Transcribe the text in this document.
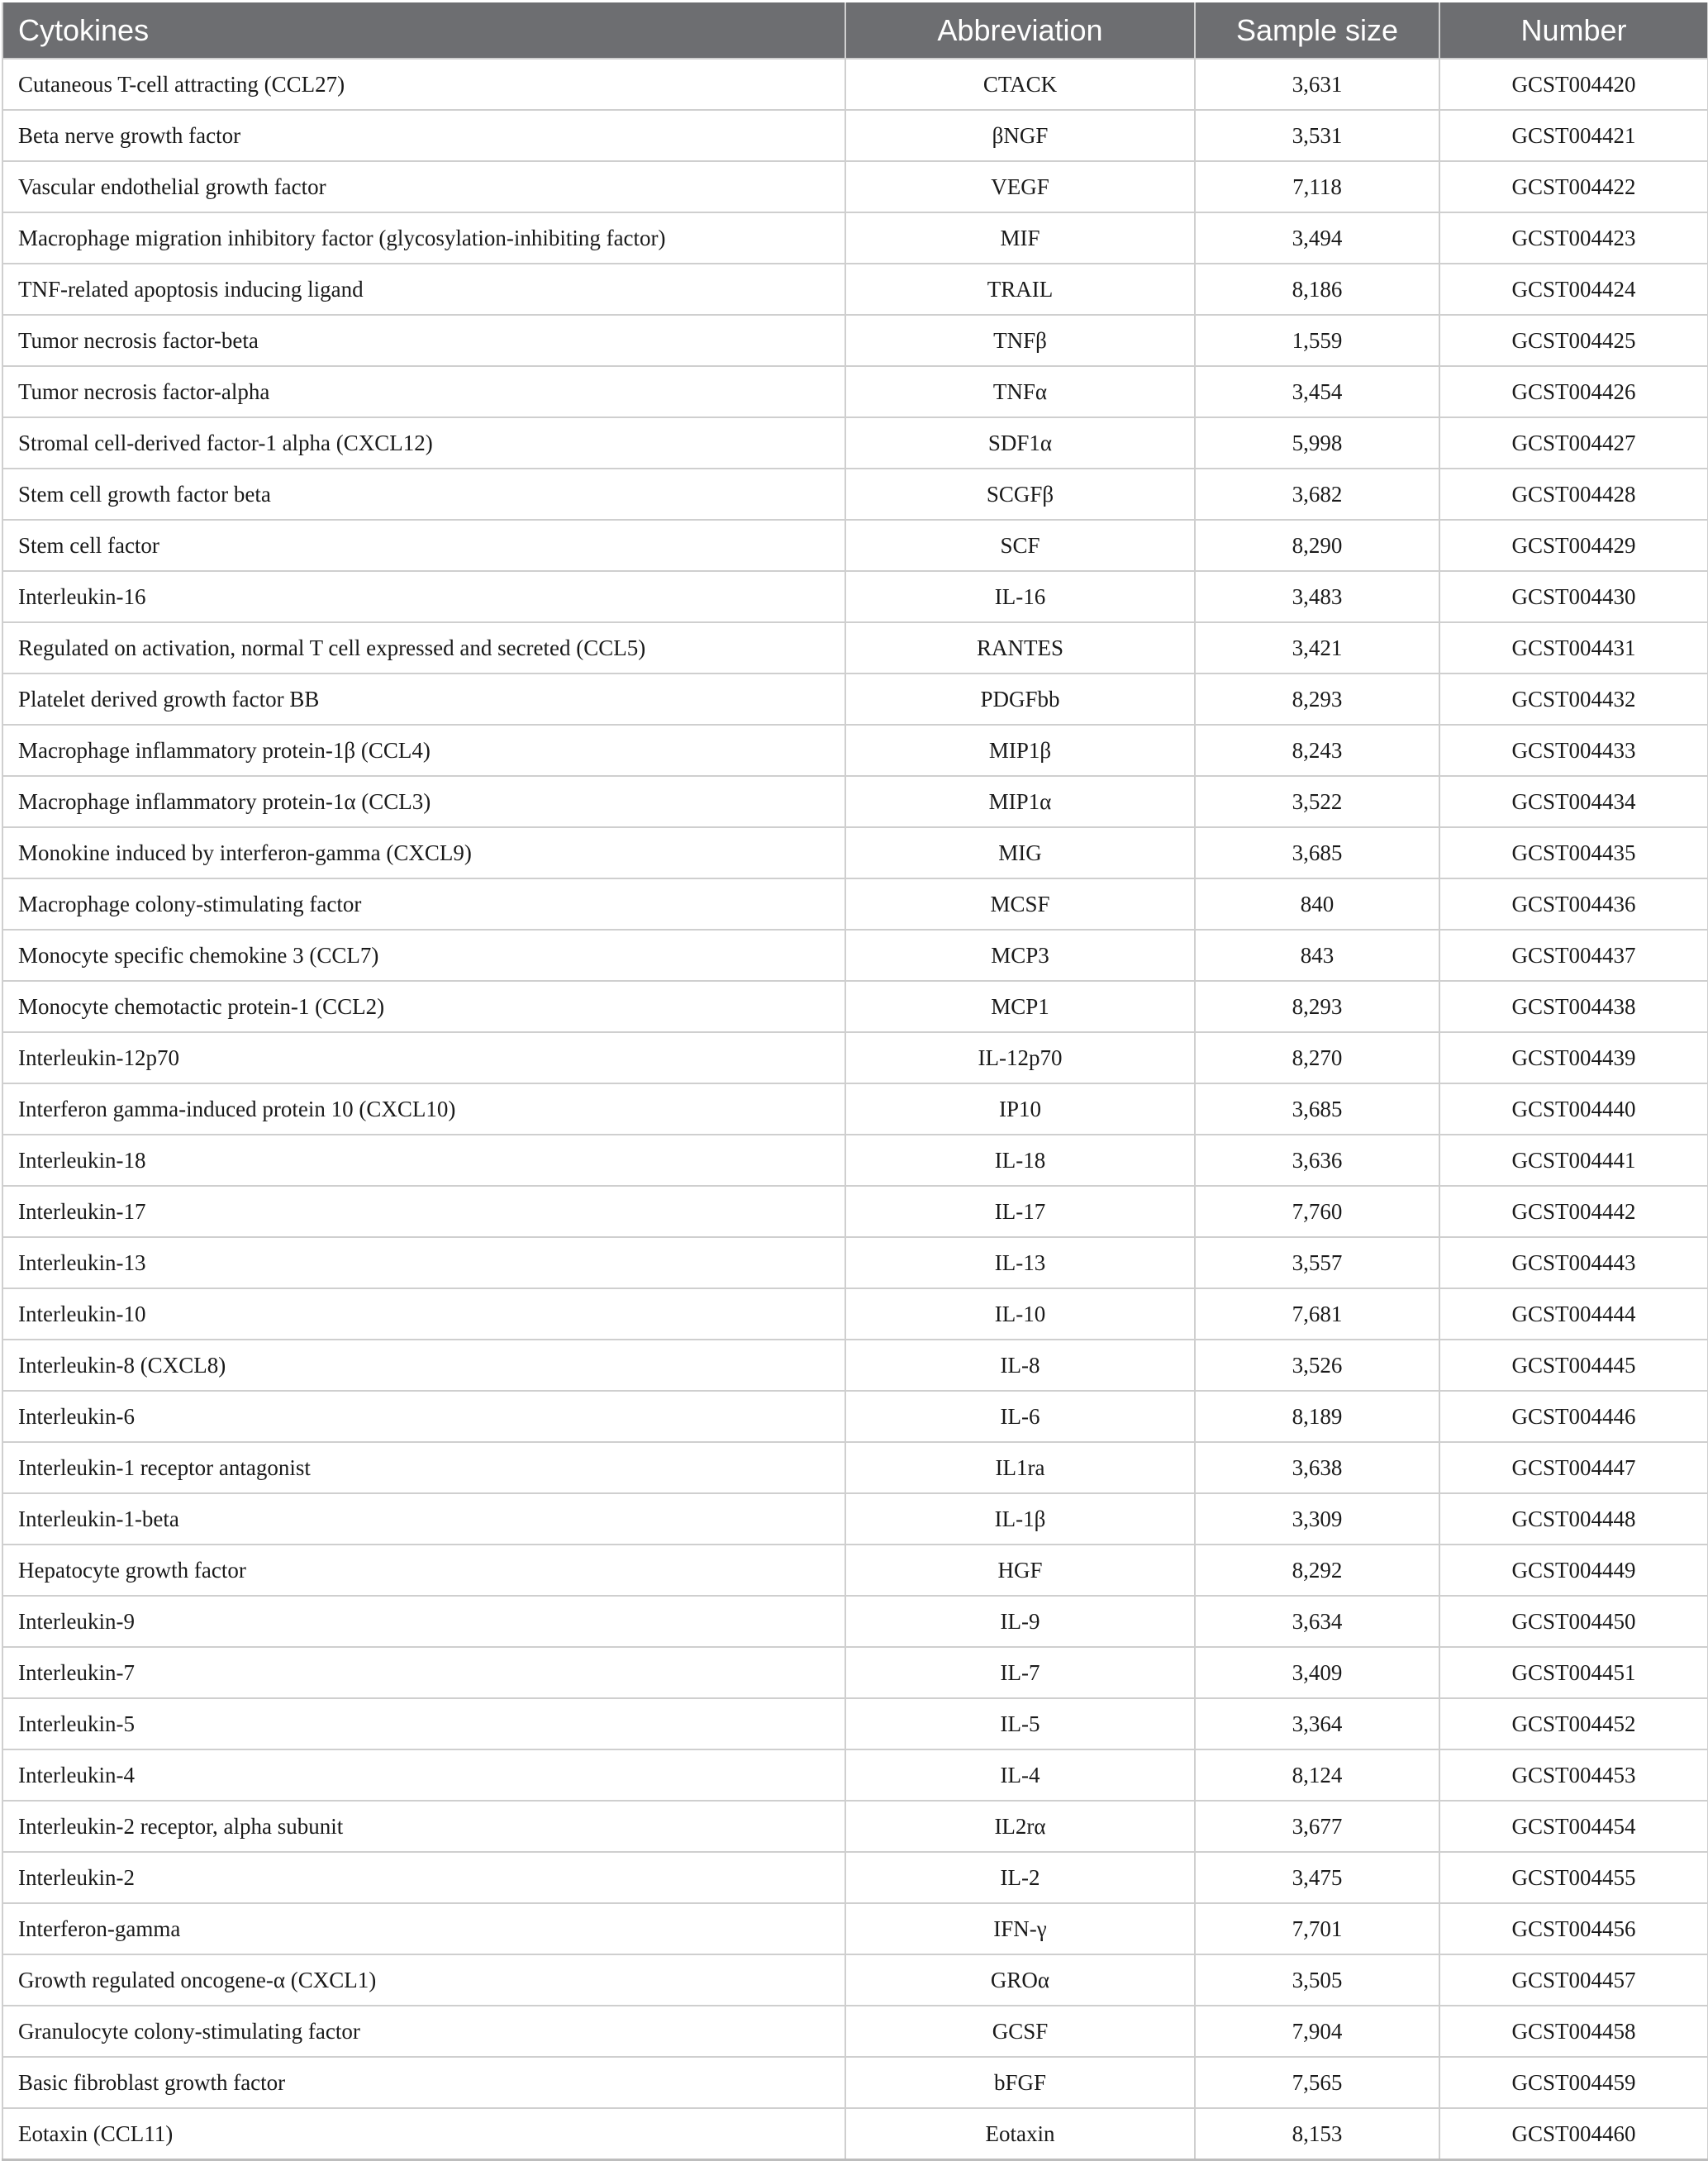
Cytokines	Abbreviation	Sample size	Number
Cutaneous T-cell attracting (CCL27)	CTACK	3,631	GCST004420
Beta nerve growth factor	βNGF	3,531	GCST004421
Vascular endothelial growth factor	VEGF	7,118	GCST004422
Macrophage migration inhibitory factor (glycosylation-inhibiting factor)	MIF	3,494	GCST004423
TNF-related apoptosis inducing ligand	TRAIL	8,186	GCST004424
Tumor necrosis factor-beta	TNFβ	1,559	GCST004425
Tumor necrosis factor-alpha	TNFα	3,454	GCST004426
Stromal cell-derived factor-1 alpha (CXCL12)	SDF1α	5,998	GCST004427
Stem cell growth factor beta	SCGFβ	3,682	GCST004428
Stem cell factor	SCF	8,290	GCST004429
Interleukin-16	IL-16	3,483	GCST004430
Regulated on activation, normal T cell expressed and secreted (CCL5)	RANTES	3,421	GCST004431
Platelet derived growth factor BB	PDGFbb	8,293	GCST004432
Macrophage inflammatory protein-1β (CCL4)	MIP1β	8,243	GCST004433
Macrophage inflammatory protein-1α (CCL3)	MIP1α	3,522	GCST004434
Monokine induced by interferon-gamma (CXCL9)	MIG	3,685	GCST004435
Macrophage colony-stimulating factor	MCSF	840	GCST004436
Monocyte specific chemokine 3 (CCL7)	MCP3	843	GCST004437
Monocyte chemotactic protein-1 (CCL2)	MCP1	8,293	GCST004438
Interleukin-12p70	IL-12p70	8,270	GCST004439
Interferon gamma-induced protein 10 (CXCL10)	IP10	3,685	GCST004440
Interleukin-18	IL-18	3,636	GCST004441
Interleukin-17	IL-17	7,760	GCST004442
Interleukin-13	IL-13	3,557	GCST004443
Interleukin-10	IL-10	7,681	GCST004444
Interleukin-8 (CXCL8)	IL-8	3,526	GCST004445
Interleukin-6	IL-6	8,189	GCST004446
Interleukin-1 receptor antagonist	IL1ra	3,638	GCST004447
Interleukin-1-beta	IL-1β	3,309	GCST004448
Hepatocyte growth factor	HGF	8,292	GCST004449
Interleukin-9	IL-9	3,634	GCST004450
Interleukin-7	IL-7	3,409	GCST004451
Interleukin-5	IL-5	3,364	GCST004452
Interleukin-4	IL-4	8,124	GCST004453
Interleukin-2 receptor, alpha subunit	IL2rα	3,677	GCST004454
Interleukin-2	IL-2	3,475	GCST004455
Interferon-gamma	IFN-γ	7,701	GCST004456
Growth regulated oncogene-α (CXCL1)	GROα	3,505	GCST004457
Granulocyte colony-stimulating factor	GCSF	7,904	GCST004458
Basic fibroblast growth factor	bFGF	7,565	GCST004459
Eotaxin (CCL11)	Eotaxin	8,153	GCST004460
